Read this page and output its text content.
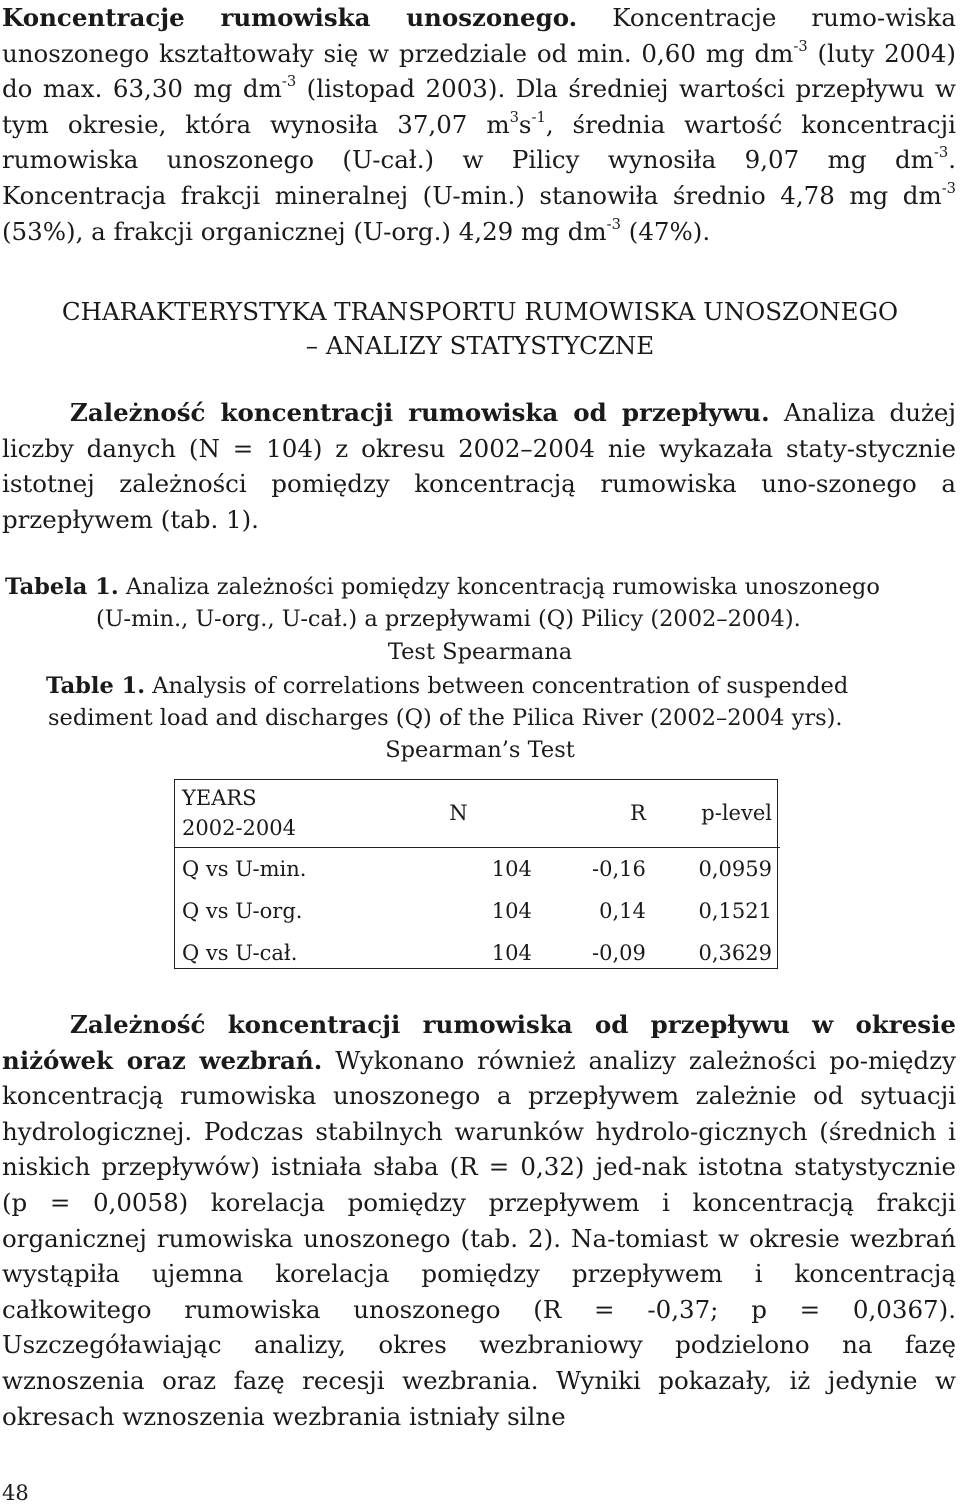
Koncentracje rumowiska unoszonego. Koncentracje rumo-wiska unoszonego kształtowały się w przedziale od min. 0,60 mg $dm^{-3}$ (luty 2004) do max. 63,30 mg $dm^{-3}$ (listopad 2003). Dla średniej wartości przepływu w tym okresie, która wynosiła 37,07 $m^3s^{-1}$, średnia wartość koncentracji rumowiska unoszonego (U-cał.) w Pilicy wynosiła 9,07 mg $dm^{-3}$. Koncentracja frakcji mineralnej (U-min.) stanowiła średnio 4,78 mg $dm^{-3}$ (53%), a frakcji organicznej (U-org.) 4,29 mg $dm^{-3}$ (47%).

CHARAKTERYSTYKA TRANSPORTU RUMOWISKA UNOSZONEGO

– ANALIZY STATYSTYCZNE

Zależność koncentracji rumowiska od przepływu. Analiza dużej liczby danych (N = 104) z okresu 2002–2004 nie wykazała staty-stycznie istotnej zależności pomiędzy koncentracją rumowiska uno-szonego a przepływem (tab. 1).

Tabela 1. Analiza zależności pomiędzy koncentracją rumowiska unoszonego
(U-min., U-org., U-cał.) a przepływami (Q) Pilicy (2002–2004).
Test Spearmana
Table 1. Analysis of correlations between concentration of suspended
sediment load and discharges (Q) of the Pilica River (2002–2004 yrs).
Spearman’s Test
YEARS
2002-2004	N	R	p-level
Q vs U-min.	104	-0,16	0,0959
Q vs U-org.	104	0,14	0,1521
Q vs U-cał.	104	-0,09	0,3629

Zależność koncentracji rumowiska od przepływu w okresie niżówek oraz wezbrań. Wykonano również analizy zależności po-między koncentracją rumowiska unoszonego a przepływem zależnie od sytuacji hydrologicznej. Podczas stabilnych warunków hydrolo-gicznych (średnich i niskich przepływów) istniała słaba (R = 0,32) jed-nak istotna statystycznie (p = 0,0058) korelacja pomiędzy przepływem i koncentracją frakcji organicznej rumowiska unoszonego (tab. 2). Na-tomiast w okresie wezbrań wystąpiła ujemna korelacja pomiędzy przepływem i koncentracją całkowitego rumowiska unoszonego (R = -0,37; p = 0,0367). Uszczegóławiając analizy, okres wezbraniowy podzielono na fazę wznoszenia oraz fazę recesji wezbrania. Wyniki pokazały, iż jedynie w okresach wznoszenia wezbrania istniały silne

48
